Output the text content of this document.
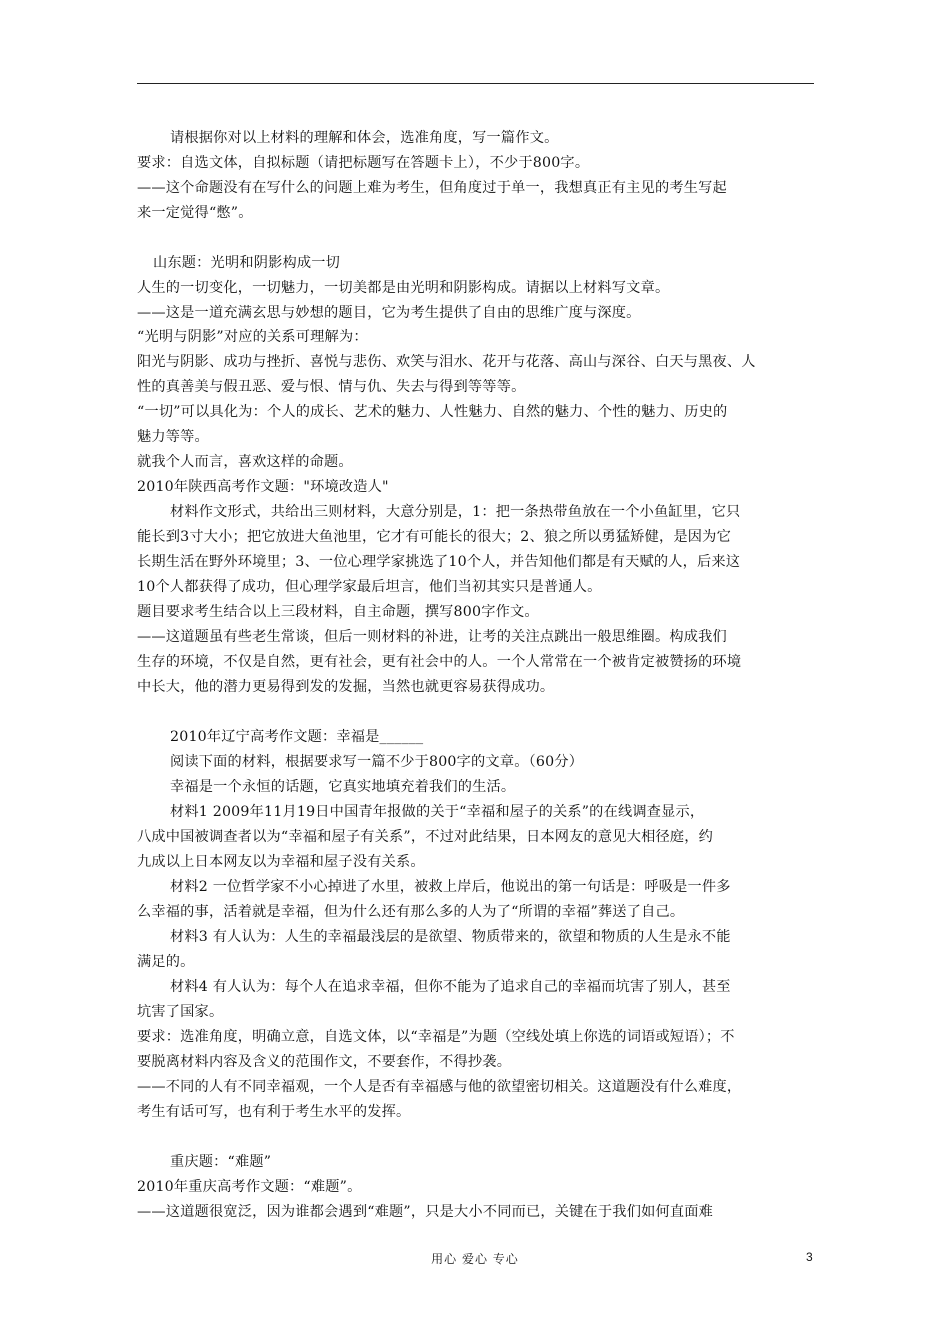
请根据你对以上材料的理解和体会，选准角度，写一篇作文。
要求：自选文体，自拟标题（请把标题写在答题卡上），不少于800字。
——这个命题没有在写什么的问题上难为考生，但角度过于单一，我想真正有主见的考生写起
来一定觉得“憋”。
山东题：光明和阴影构成一切
人生的一切变化，一切魅力，一切美都是由光明和阴影构成。请据以上材料写文章。
——这是一道充满玄思与妙想的题目，它为考生提供了自由的思维广度与深度。
“光明与阴影”对应的关系可理解为：
阳光与阴影、成功与挫折、喜悦与悲伤、欢笑与泪水、花开与花落、高山与深谷、白天与黑夜、人
性的真善美与假丑恶、爱与恨、情与仇、失去与得到等等等。
“一切”可以具化为：个人的成长、艺术的魅力、人性魅力、自然的魅力、个性的魅力、历史的
魅力等等。
就我个人而言，喜欢这样的命题。
2010年陕西高考作文题："环境改造人"
材料作文形式，共给出三则材料，大意分别是，1：把一条热带鱼放在一个小鱼缸里，它只
能长到3寸大小；把它放进大鱼池里，它才有可能长的很大；2、狼之所以勇猛矫健，是因为它
长期生活在野外环境里；3、一位心理学家挑选了10个人，并告知他们都是有天赋的人，后来这
10个人都获得了成功，但心理学家最后坦言，他们当初其实只是普通人。
题目要求考生结合以上三段材料，自主命题，撰写800字作文。
——这道题虽有些老生常谈，但后一则材料的补进，让考的关注点跳出一般思维圈。构成我们
生存的环境，不仅是自然，更有社会，更有社会中的人。一个人常常在一个被肯定被赞扬的环境
中长大，他的潜力更易得到发的发掘，当然也就更容易获得成功。
2010年辽宁高考作文题：幸福是______
阅读下面的材料，根据要求写一篇不少于800字的文章。（60分）
幸福是一个永恒的话题，它真实地填充着我们的生活。
材料1 2009年11月19日中国青年报做的关于“幸福和屋子的关系”的在线调查显示，
八成中国被调查者以为“幸福和屋子有关系”，不过对此结果，日本网友的意见大相径庭，约
九成以上日本网友以为幸福和屋子没有关系。
材料2 一位哲学家不小心掉进了水里，被救上岸后，他说出的第一句话是：呼吸是一件多
么幸福的事，活着就是幸福，但为什么还有那么多的人为了“所谓的幸福”葬送了自己。
材料3 有人认为：人生的幸福最浅层的是欲望、物质带来的，欲望和物质的人生是永不能
满足的。
材料4 有人认为：每个人在追求幸福，但你不能为了追求自己的幸福而坑害了别人，甚至
坑害了国家。
要求：选准角度，明确立意，自选文体，以“幸福是”为题（空线处填上你选的词语或短语）；不
要脱离材料内容及含义的范围作文，不要套作，不得抄袭。
——不同的人有不同幸福观，一个人是否有幸福感与他的欲望密切相关。这道题没有什么难度，
考生有话可写，也有利于考生水平的发挥。
重庆题：“难题”
2010年重庆高考作文题：“难题”。
——这道题很宽泛，因为谁都会遇到“难题”，只是大小不同而已，关键在于我们如何直面难
用心 爱心 专心	3
